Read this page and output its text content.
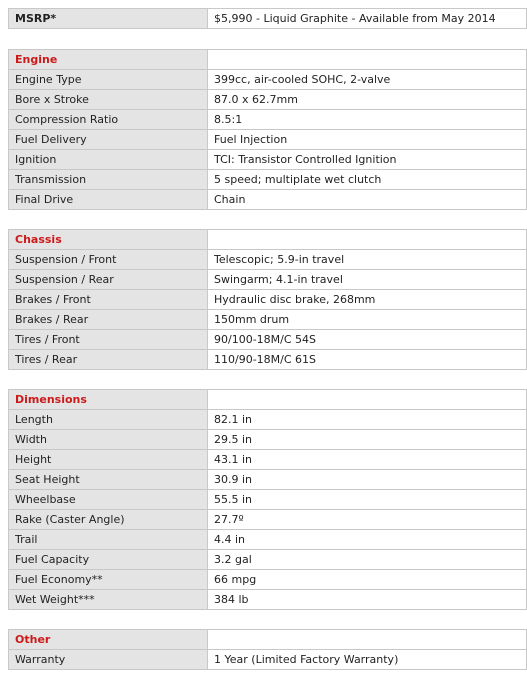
MSRP*	$5,990 - Liquid Graphite - Available from May 2014
Engine	
Engine Type	399cc, air-cooled SOHC, 2-valve
Bore x Stroke	87.0 x 62.7mm
Compression Ratio	8.5:1
Fuel Delivery	Fuel Injection
Ignition	TCI: Transistor Controlled Ignition
Transmission	5 speed; multiplate wet clutch
Final Drive	Chain
Chassis	
Suspension / Front	Telescopic; 5.9-in travel
Suspension / Rear	Swingarm; 4.1-in travel
Brakes / Front	Hydraulic disc brake, 268mm
Brakes / Rear	150mm drum
Tires / Front	90/100-18M/C 54S
Tires / Rear	110/90-18M/C 61S
Dimensions	
Length	82.1 in
Width	29.5 in
Height	43.1 in
Seat Height	30.9 in
Wheelbase	55.5 in
Rake (Caster Angle)	27.7º
Trail	4.4 in
Fuel Capacity	3.2 gal
Fuel Economy**	66 mpg
Wet Weight***	384 lb
Other	
Warranty	1 Year (Limited Factory Warranty)
